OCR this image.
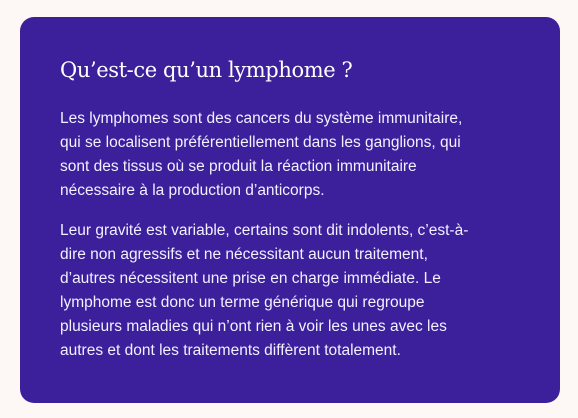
Qu’est-ce qu’un lymphome ?

Les lymphomes sont des cancers du système immunitaire,
qui se localisent préférentiellement dans les ganglions, qui
sont des tissus où se produit la réaction immunitaire
nécessaire à la production d’anticorps.

Leur gravité est variable, certains sont dit indolents, c’est-à-
dire non agressifs et ne nécessitant aucun traitement,
d’autres nécessitent une prise en charge immédiate. Le
lymphome est donc un terme générique qui regroupe
plusieurs maladies qui n’ont rien à voir les unes avec les
autres et dont les traitements diffèrent totalement.
